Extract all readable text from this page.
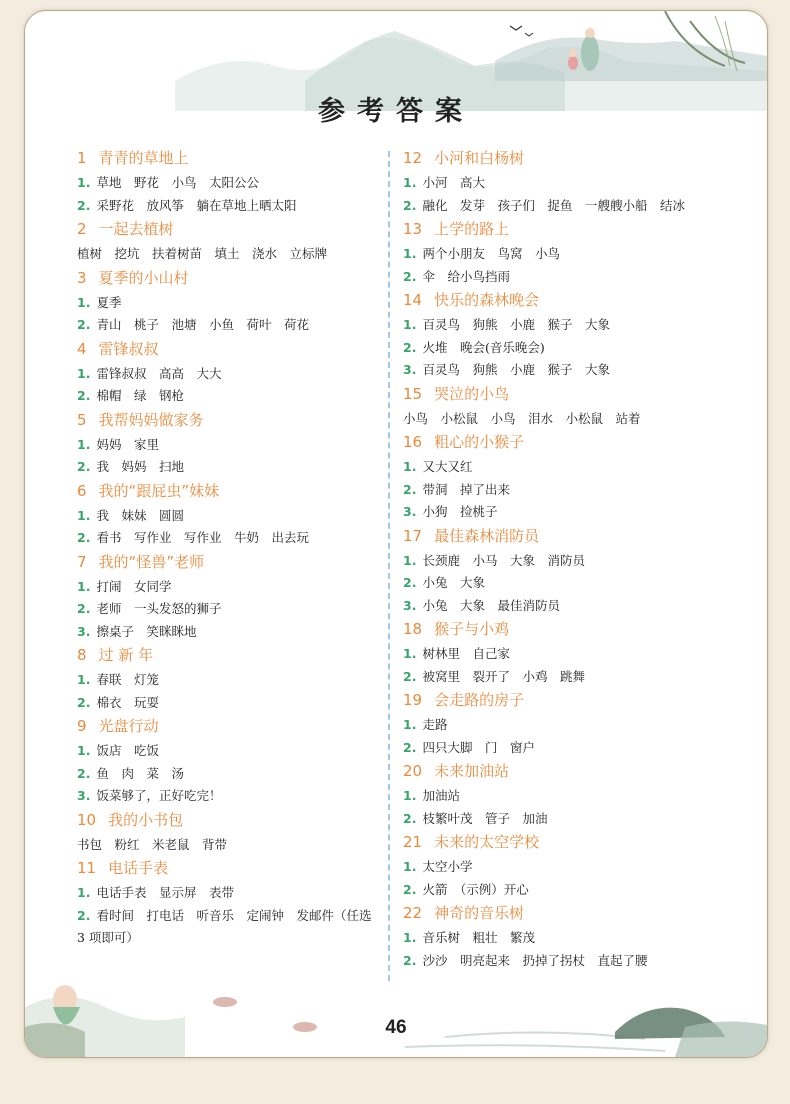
参考答案
1 青青的草地上
1. 草地　野花　小鸟　太阳公公
2. 采野花　放风筝　躺在草地上晒太阳
2 一起去植树
植树　挖坑　扶着树苗　填土　浇水　立标牌
3 夏季的小山村
1. 夏季
2. 青山　桃子　池塘　小鱼　荷叶　荷花
4 雷锋叔叔
1. 雷锋叔叔　高高　大大
2. 棉帽　绿　钢枪
5 我帮妈妈做家务
1. 妈妈　家里
2. 我　妈妈　扫地
6 我的“跟屁虫”妹妹
1. 我　妹妹　圆圆
2. 看书　写作业　写作业　牛奶　出去玩
7 我的“怪兽”老师
1. 打闹　女同学
2. 老师　一头发怒的狮子
3. 擦桌子　笑眯眯地
8 过 新 年
1. 春联　灯笼
2. 棉衣　玩耍
9 光盘行动
1. 饭店　吃饭
2. 鱼　肉　菜　汤
3. 饭菜够了，正好吃完！
10 我的小书包
书包　粉红　米老鼠　背带
11 电话手表
1. 电话手表　显示屏　表带
2. 看时间　打电话　听音乐　定闹钟　发邮件（任选 3 项即可）
12 小河和白杨树
1. 小河　高大
2. 融化　发芽　孩子们　捉鱼　一艘艘小船　结冰
13 上学的路上
1. 两个小朋友　鸟窝　小鸟
2. 伞　给小鸟挡雨
14 快乐的森林晚会
1. 百灵鸟　狗熊　小鹿　猴子　大象
2. 火堆　晚会(音乐晚会)
3. 百灵鸟　狗熊　小鹿　猴子　大象
15 哭泣的小鸟
小鸟　小松鼠　小鸟　泪水　小松鼠　站着
16 粗心的小猴子
1. 又大又红
2. 带洞　掉了出来
3. 小狗　捡桃子
17 最佳森林消防员
1. 长颈鹿　小马　大象　消防员
2. 小兔　大象
3. 小兔　大象　最佳消防员
18 猴子与小鸡
1. 树林里　自己家
2. 被窝里　裂开了　小鸡　跳舞
19 会走路的房子
1. 走路
2. 四只大脚　门　窗户
20 未来加油站
1. 加油站
2. 枝繁叶茂　管子　加油
21 未来的太空学校
1. 太空小学
2. 火箭　（示例）开心
22 神奇的音乐树
1. 音乐树　粗壮　繁茂
2. 沙沙　明亮起来　扔掉了拐杖　直起了腰
46
